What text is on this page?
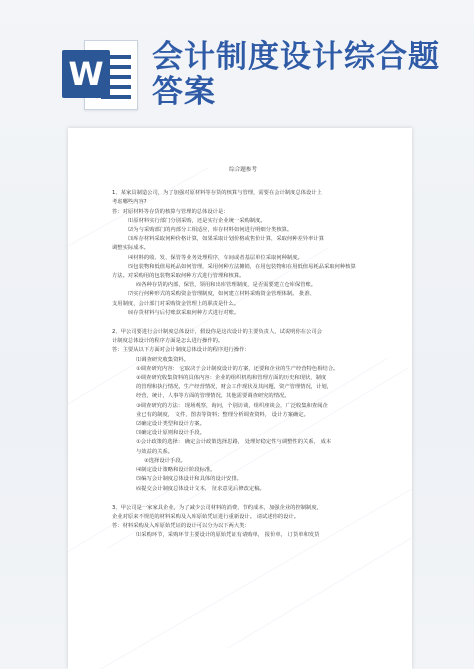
W 会计制度设计综合题答案
综合题参考
1、某家具制造公司，为了加强对原材料等存货的核算与管理，需要在会计制度总体设计上
考虑哪些内容?
答：对原材料等存货的核算与管理的总体设计是：
⑴原材料实行部门分别采购，还是实行企业统一采购制度。
⑵为与采购部门的内部分工相适应，库存材料如何进行明细分类核算。
⑶库存材料采取何种价格计算，如果采取计划价格或售价计算，采取何种差异率计算
调整实际成本。
⑷材料的收、发、保管等业务处理程序，车间或者基层单位采取何种制度。
⑸包装物和低值易耗品如何管理，采用何种方法摊销，在用包装物和在用低值易耗品采取何种核算
方法。对采购用的包装物采取何种方式进行管理和核算。
⑹各种存货的内部，保管，领用和出库管理制度，是否需要建立仓库保管账。
⑺实行何种形式的采购资金管理制度，如何建立材料采购资金管理体制。 批准、
支用制度，会计部门对采购资金管理上的职责是什么。
⑻存货材料与后付账款采取何种方式进行对账。
2、甲公司要进行会计制度总体设计，假设你是这次设计的主要负责人，试说明你在公司会
计制度总体设计的程序方面是怎么进行操作的。
答：主要从以下方面对会计制度总体设计的程序进行操作：
⑴调查研究收集资料。
①调查研究内容： 它取决于会计制度设计的方案，还要和企业的生产经营特色相结合。
②调查研究收集资料的具体内容：企业的组织机构和管理方面的历史和现状，制度
的管理和执行情况，生产经营情况，财会工作现状及其问题，资产管理情况，计划，
经营，统计，人事等方面的管理情况，其他需要调查研究的情况。
③调查研究的方法： 现场观察，询问，个别访谈，组织座谈会，广泛收集和查阅企
业已有的制度， 文件，图表等资料；整理分析调查资料， 设计方案确定。
⑵确定设计类型和设计方案。
⑶确定设计原则和设计手段。
①会计政策的选择： 确定会计政策选择思路， 处理好稳定性与调整性的关系， 成本
与效益的关系。
②选择设计手段。
⑷制定设计策略和设计阶段标准。
⑸编写会计制度总体设计和具体的设计安排。
⑹提交会计制度总体设计文本， 征求意见后修改定稿。
3、甲公司是一家家具企业，为了减少公司材料的消费，节约成本，加强企业的控制制度，
企业对原来不规范的材料采购及入库原始凭证进行重新设计。 请试述你的设计。
答：材料采购及入库原始凭证的设计可以分为以下两大类：
⑴采购环节，采购环节主要设计的原始凭证有请购单， 报价单， 订货单和发货
